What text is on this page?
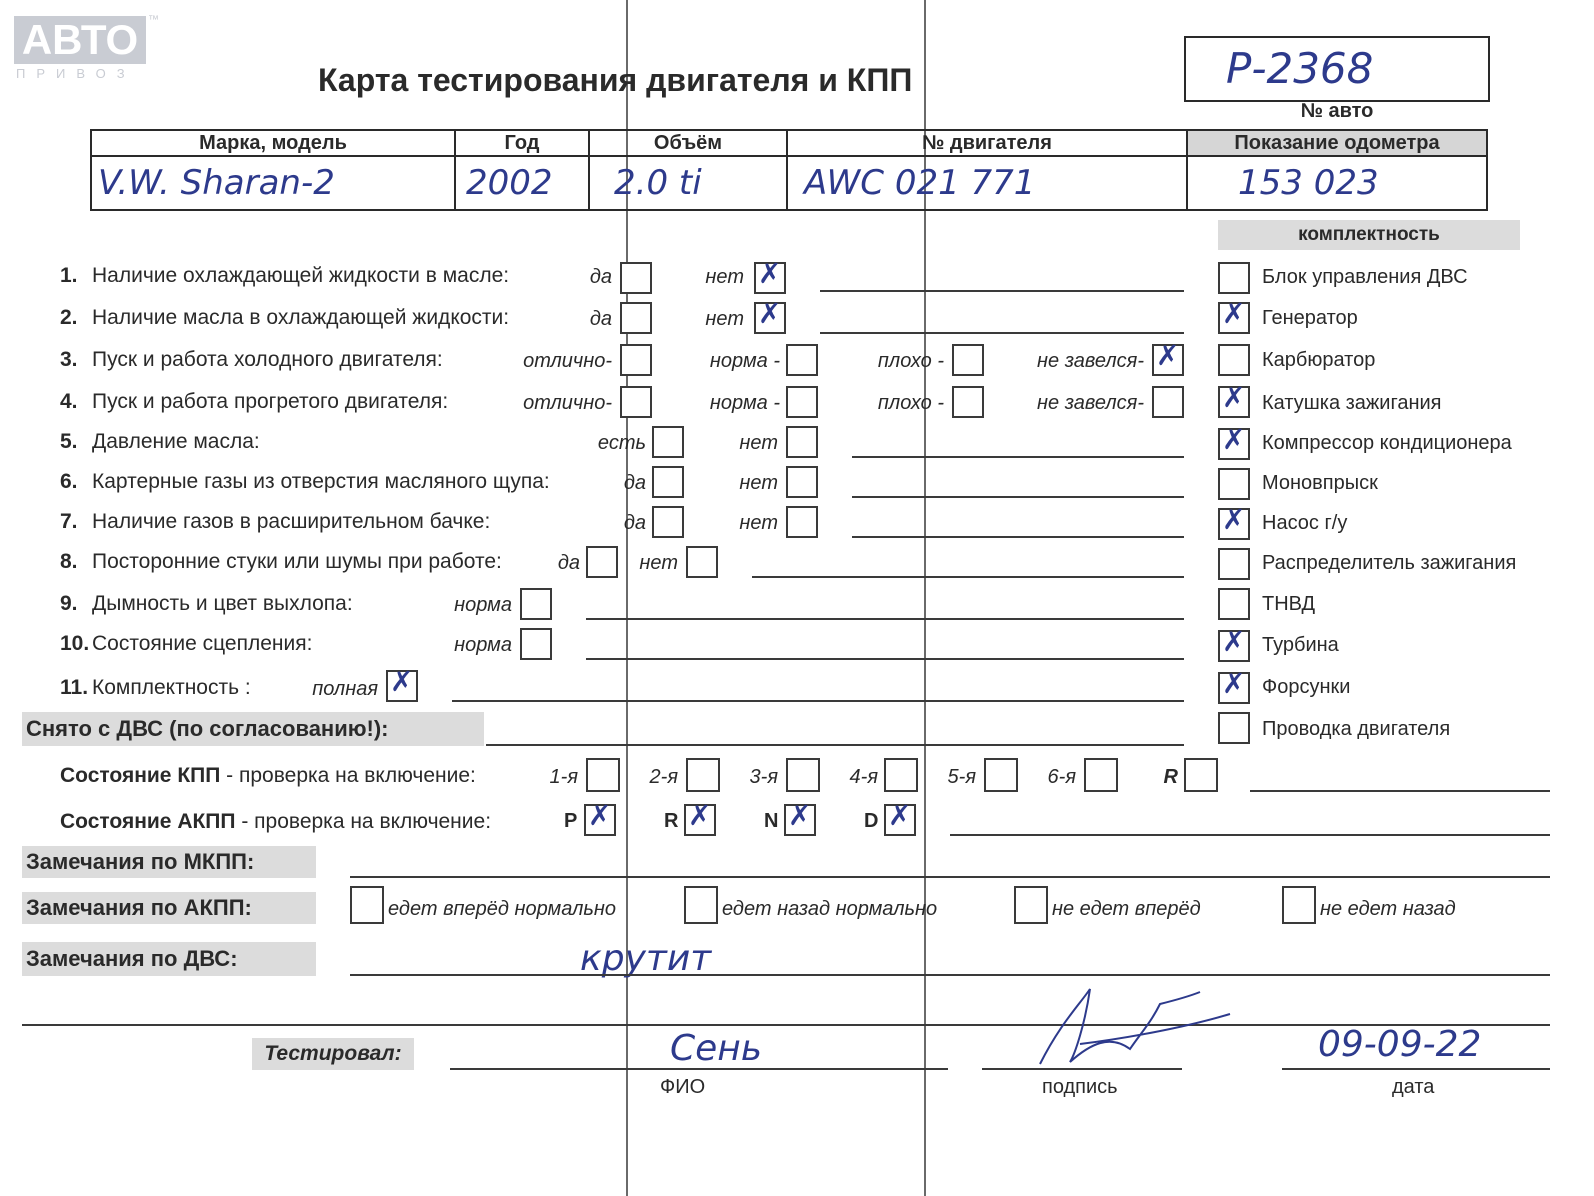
АВТО ™
ПРИВОЗ	Карта тестирования двигателя и КПП	Р-2368
№ авто
Марка, модель	Год	Объём	№ двигателя	Показание одометра

V.W. Sharan-2	2002	2.0 ti	AWC 021 771	153 023
комплектность
Блок управления ДВС
✗ Генератор
Карбюратор
✗ Катушка зажигания
✗ Компрессор кондиционера
Моновпрыск
✗ Насос г/у
Распределитель зажигания
ТНВД
✗ Турбина
✗ Форсунки
Проводка двигателя
1. Наличие охлаждающей жидкости в масле:	да	нет ✗
2. Наличие масла в охлаждающей жидкости:	да	нет ✗
3. Пуск и работа холодного двигателя:	отлично-	норма -	плохо -	не завелся- ✗
4. Пуск и работа прогретого двигателя:	отлично-	норма -	плохо -	не завелся-
5. Давление масла:	есть	нет
6. Картерные газы из отверстия масляного щупа:	да	нет
7. Наличие газов в расширительном бачке:	да	нет
8. Посторонние стуки или шумы при работе:	да	нет
9. Дымность и цвет выхлопа:	норма
10. Состояние сцепления:	норма
11. Комплектность :	полная ✗
Снято с ДВС (по согласованию!):
Состояние КПП - проверка на включение:	1-я	2-я	3-я	4-я	5-я	6-я	R
Состояние АКПП - проверка на включение:	P ✗	R ✗	N ✗	D ✗
Замечания по МКПП:
Замечания по АКПП:	едет вперёд нормально	едет назад нормально	не едет вперёд	не едет назад
Замечания по ДВС:	крутит
Тестировал:	Сень
ФИО	подпись
09-09-22
дата
